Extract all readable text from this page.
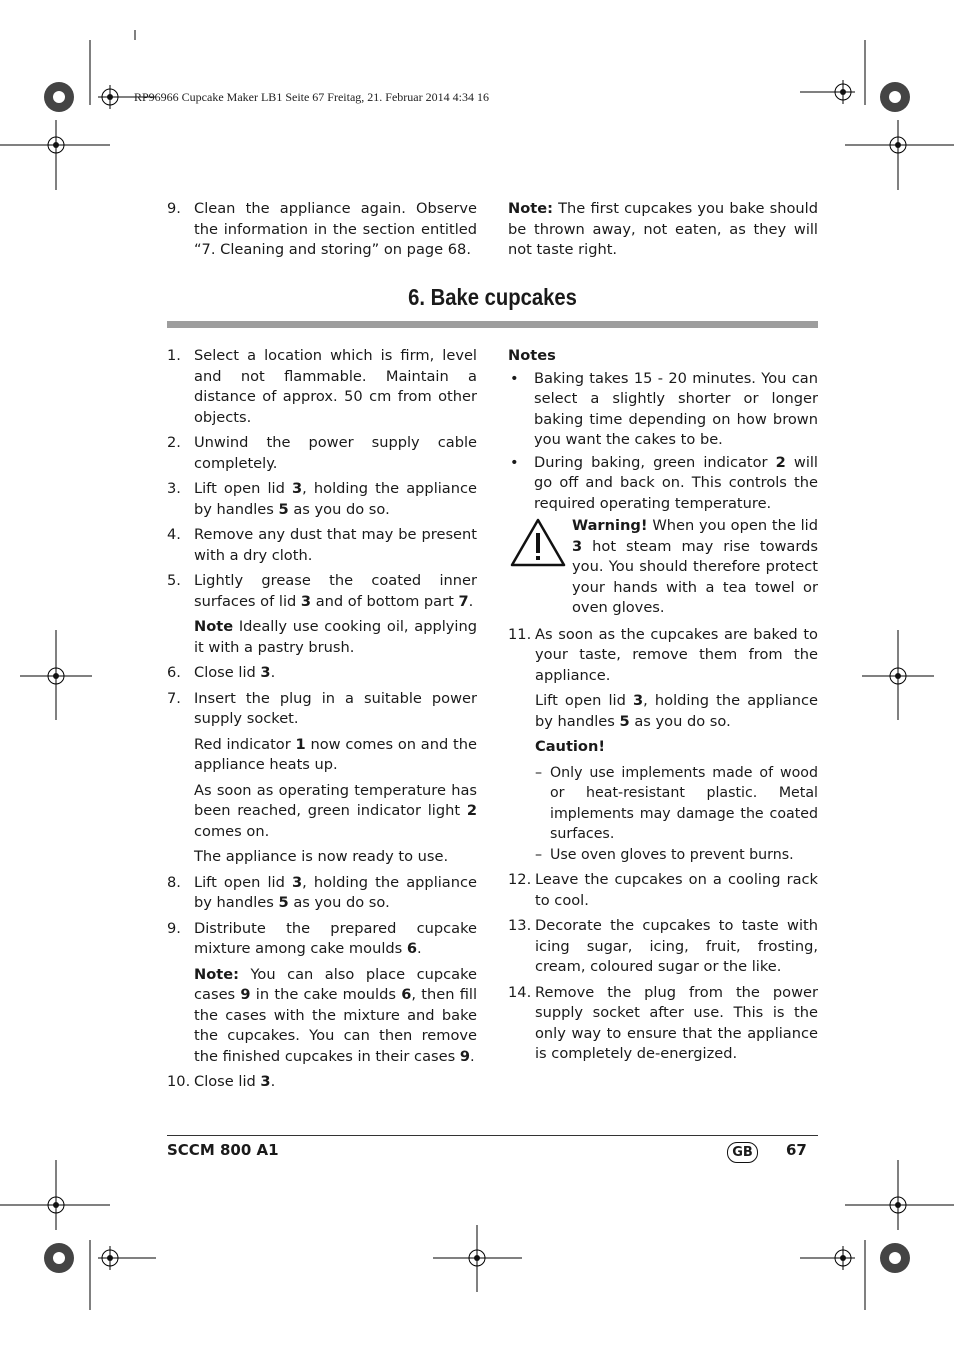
RP96966 Cupcake Maker LB1 Seite 67 Freitag, 21. Februar 2014 4:34 16
9. Clean the appliance again. Observe the information in the section entitled “7. Cleaning and storing” on page 68.
Note: The first cupcakes you bake should be thrown away, not eaten, as they will not taste right.
6. Bake cupcakes
1. Select a location which is firm, level and not flammable. Maintain a distance of approx. 50 cm from other objects.
2. Unwind the power supply cable completely.
3. Lift open lid 3, holding the appliance by handles 5 as you do so.
4. Remove any dust that may be present with a dry cloth.
5. Lightly grease the coated inner surfaces of lid 3 and of bottom part 7.
Note Ideally use cooking oil, applying it with a pastry brush.
6. Close lid 3.
7. Insert the plug in a suitable power supply socket.
Red indicator 1 now comes on and the appliance heats up.
As soon as operating temperature has been reached, green indicator light 2 comes on.
The appliance is now ready to use.
8. Lift open lid 3, holding the appliance by handles 5 as you do so.
9. Distribute the prepared cupcake mixture among cake moulds 6.
Note: You can also place cupcake cases 9 in the cake moulds 6, then fill the cases with the mixture and bake the cupcakes. You can then remove the finished cupcakes in their cases 9.
10. Close lid 3.
Notes
• Baking takes 15 - 20 minutes. You can select a slightly shorter or longer baking time depending on how brown you want the cakes to be.
• During baking, green indicator 2 will go off and back on. This controls the required operating temperature.
Warning! When you open the lid 3 hot steam may rise towards you. You should therefore protect your hands with a tea towel or oven gloves.
11. As soon as the cupcakes are baked to your taste, remove them from the appliance.
Lift open lid 3, holding the appliance by handles 5 as you do so.
Caution!
– Only use implements made of wood or heat-resistant plastic. Metal implements may damage the coated surfaces.
– Use oven gloves to prevent burns.
12. Leave the cupcakes on a cooling rack to cool.
13. Decorate the cupcakes to taste with icing sugar, icing, fruit, frosting, cream, coloured sugar or the like.
14. Remove the plug from the power supply socket after use. This is the only way to ensure that the appliance is completely de-energized.
SCCM 800 A1	GB	67
